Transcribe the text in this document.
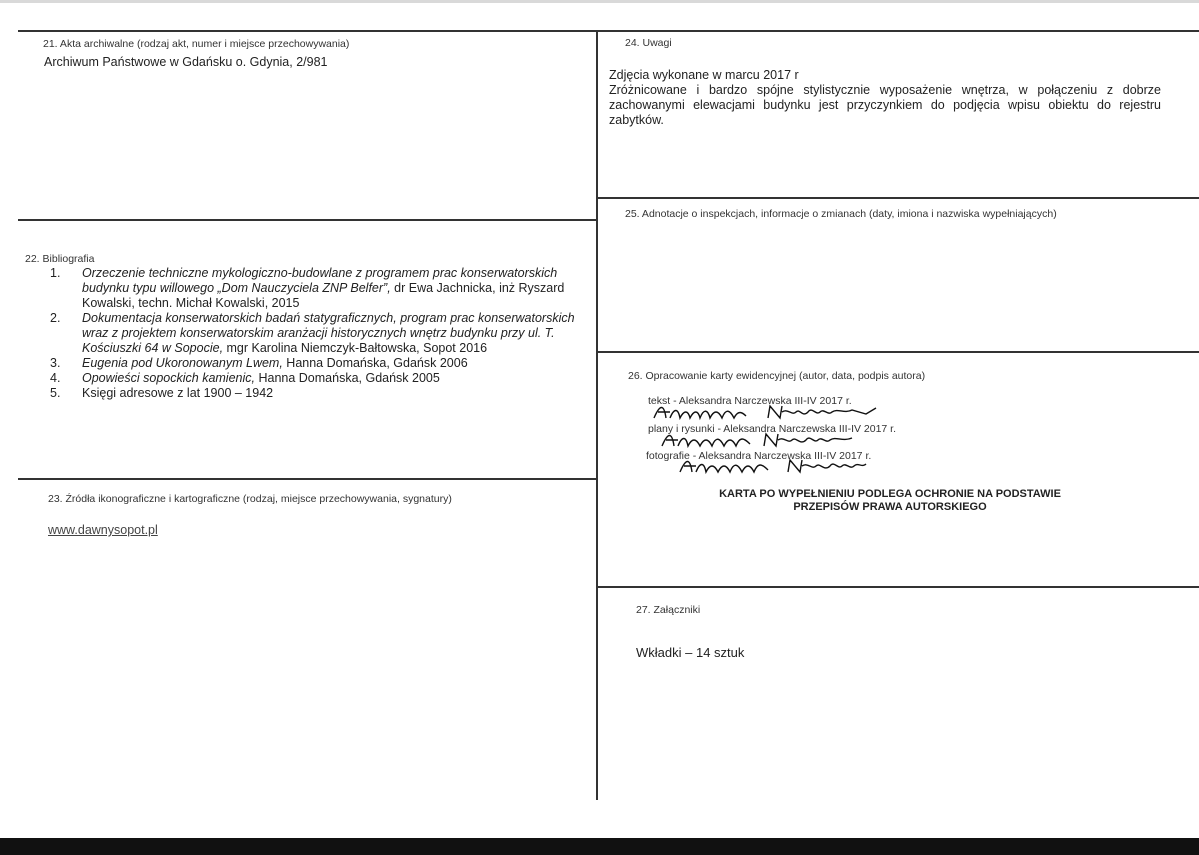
21. Akta archiwalne (rodzaj akt, numer i miejsce przechowywania)
Archiwum Państwowe w Gdańsku o. Gdynia, 2/981
22. Bibliografia
1.	Orzeczenie techniczne mykologiczno-budowlane z programem prac konserwatorskich budynku typu willowego „Dom Nauczyciela ZNP Belfer”, dr Ewa Jachnicka, inż Ryszard Kowalski, techn. Michał Kowalski, 2015
2.	Dokumentacja konserwatorskich badań statygraficznych, program prac konserwatorskich wraz z projektem konserwatorskim aranżacji historycznych wnętrz budynku przy ul. T. Kościuszki 64 w Sopocie, mgr Karolina Niemczyk-Bałtowska, Sopot 2016
3.	Eugenia pod Ukoronowanym Lwem, Hanna Domańska, Gdańsk 2006
4.	Opowieści sopockich kamienic, Hanna Domańska, Gdańsk 2005
5.	Księgi adresowe z lat 1900 – 1942
23. Źródła ikonograficzne i kartograficzne (rodzaj, miejsce przechowywania, sygnatury)
www.dawnysopot.pl
24. Uwagi
Zdjęcia wykonane w marcu 2017 r
Zróżnicowane i bardzo spójne stylistycznie wyposażenie wnętrza, w połączeniu z dobrze zachowanymi elewacjami budynku jest przyczynkiem do podjęcia wpisu obiektu do rejestru zabytków.
25. Adnotacje o inspekcjach, informacje o zmianach (daty, imiona i nazwiska wypełniających)
26. Opracowanie karty ewidencyjnej (autor, data, podpis autora)
tekst - Aleksandra Narczewska III-IV 2017 r.
plany i rysunki - Aleksandra Narczewska III-IV 2017 r.
fotografie - Aleksandra Narczewska III-IV 2017 r.
KARTA PO WYPEŁNIENIU PODLEGA OCHRONIE NA PODSTAWIE
PRZEPISÓW PRAWA AUTORSKIEGO
27. Załączniki
Wkładki – 14 sztuk
